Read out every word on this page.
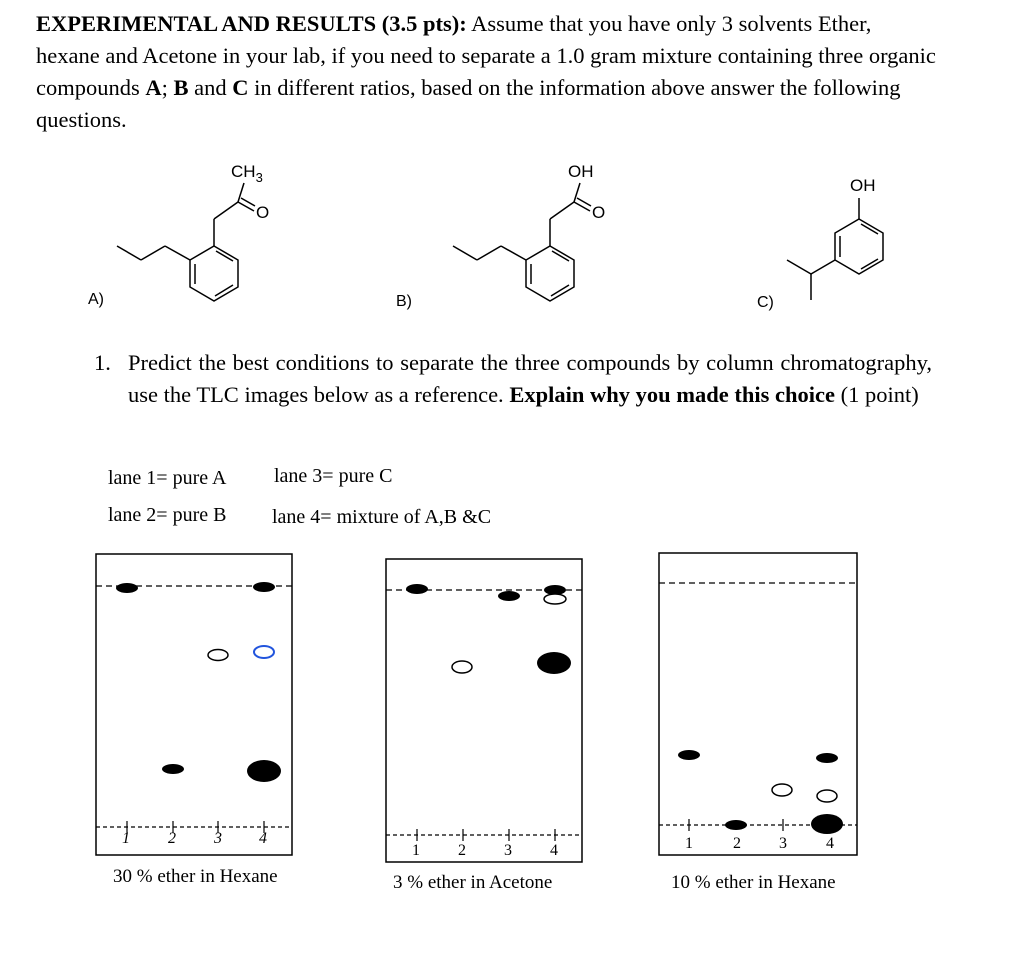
EXPERIMENTAL AND RESULTS (3.5 pts): Assume that you have only 3 solvents Ether, hexane and Acetone in your lab, if you need to separate a 1.0 gram mixture containing three organic compounds A; B and C in different ratios, based on the information above answer the following questions.
$CH_3$
O
A)
OH
O
B)
OH
C)
1. Predict the best conditions to separate the three compounds by column chromatography, use the TLC images below as a reference. Explain why you made this choice (1 point)
lane 1= pure A lane 3= pure C
lane 2= pure B lane 4= mixture of A,B &C
1 2 3 4
1 2 3 4	1	2 3 4
30 % ether in Hexane	3 % ether in Acetone	10 % ether in Hexane
